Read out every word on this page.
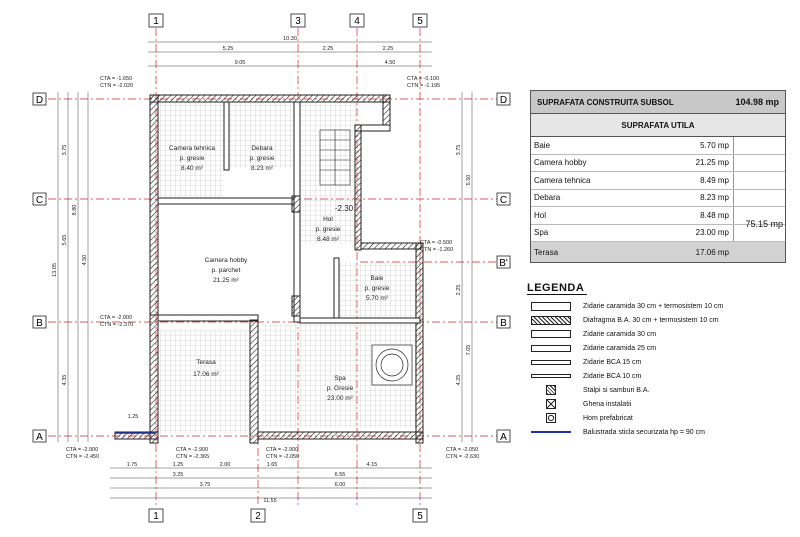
1	3	4	5
1	2	5
D
C
B
A
D
C
B'
B
A
10.30
5.25	2.25	2.25
9.05	4.50
1.75	1.25	2.00	1.65	4.15
3.25	6.55
3.75	6.00
11.55
3.75
8.80
5.65
4.50
13.05
4.35
1.25
3.75
5.50
2.25
7.05
4.25
Camera tehnica
p. gresie
8.40 m²
Debara
p. gresie
8.23 m²
Hol
p. gresie
8.48 m²
Camera hobby
p. parchet
21.25 m²	Baie
p. gresie
5.70 m²
Terasa
17.06 m²
Spa
p. Gresie
23.00 m²
-2.30
CTA = -1.650
CTN = -2.020
CTA = -0.100
CTN = -1.195
CTA = -0.500
CTN = -1.260
CTA = -2.000
CTN = -2.370
CTA = -2.900
CTN = -2.450
CTA = -2.900
CTN = -2.365
CTA = -2.900
CTN = -2.050
CTA = -2.050
CTN = -2.630
SUPRAFATA CONSTRUITA SUBSOL	104.98 mp
SUPRAFATA UTILA
Baie	5.70 mp
Camera hobby	21.25 mp
Camera tehnica	8.49 mp
Debara	8.23 mp
Hol	8.48 mp
Spa	23.00 mp
75.15 mp
Terasa	17.06 mp
LEGENDA
Zidarie caramida 30 cm + termosistem 10 cm
Diafragma B.A. 30 cm + termosistem 10 cm
Zidarie caramida 30 cm
Zidarie caramida 25 cm
Zidarie BCA 15 cm
Zidarie BCA 10 cm
Stalpi si samburi B.A.
Ghena instalatii
Hom prefabricat
Balustrada sticla securizata hp = 90 cm
